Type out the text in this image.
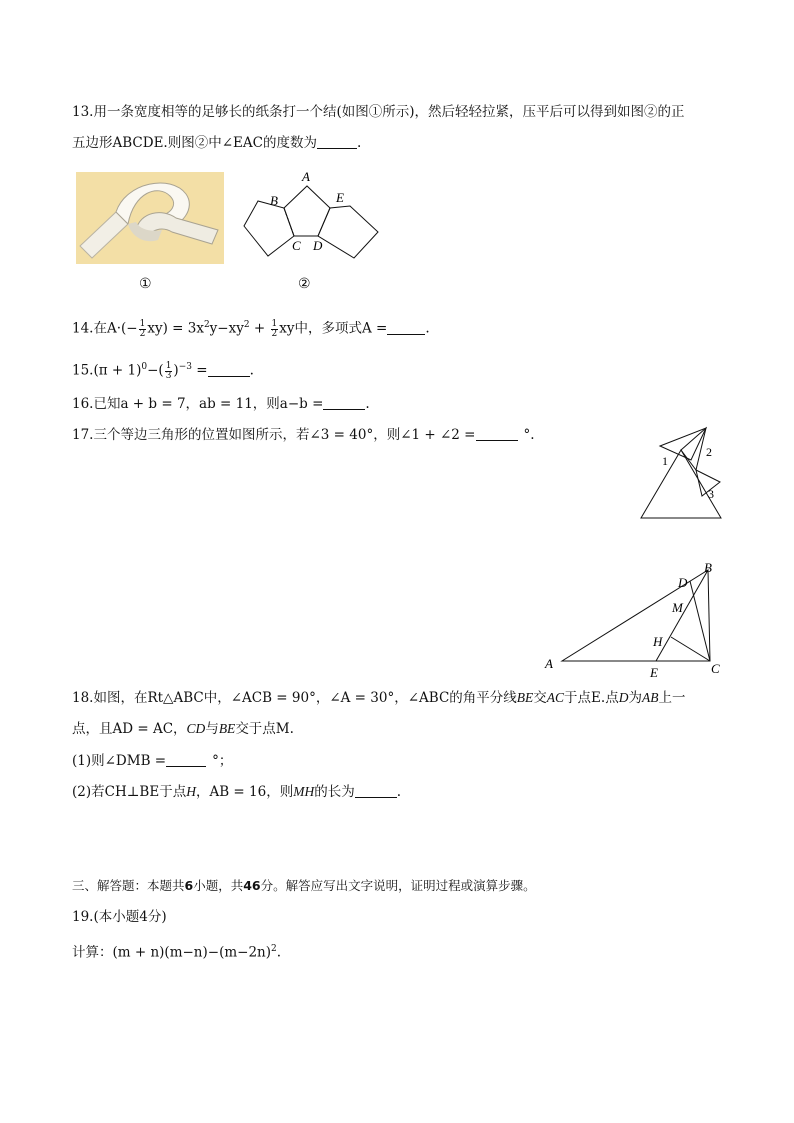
13.用一条宽度相等的足够长的纸条打一个结(如图①所示)，然后轻轻拉紧，压平后可以得到如图②的正
五边形ABCDE.则图②中∠EAC的度数为	.
①
A
B	E
C D
②
14.在$A\cdot(- \frac{1}{2} xy) = 3x^2y-xy^2 + \frac{1}{2}$ xy中，多项式A =	.
$15.(\pi + 1)^0-( \frac{1}{3} )^{-3}$ =	.
16.已知a + b = 7，ab = 11，则a−b =	.
17.三个等边三角形的位置如图所示，若∠3 = 40°，则∠1 + ∠2 =	°.
1
2
3
A
B
C
D
E
M
H
18.如图，在Rt△ABC中，∠ACB = 90°，∠A = 30°，∠ABC的角平分线BE交AC于点E.点D为AB上一
点，且AD = AC，CD与BE交于点M.
(1)则∠DMB =	°；
(2)若CH⊥BE于点H，AB = 16，则MH的长为	.
三、解答题：本题共6小题，共46分。解答应写出文字说明，证明过程或演算步骤。
19.(本小题4分)
计算：$(m + n)(m-n)-(m-2n)^2$.
